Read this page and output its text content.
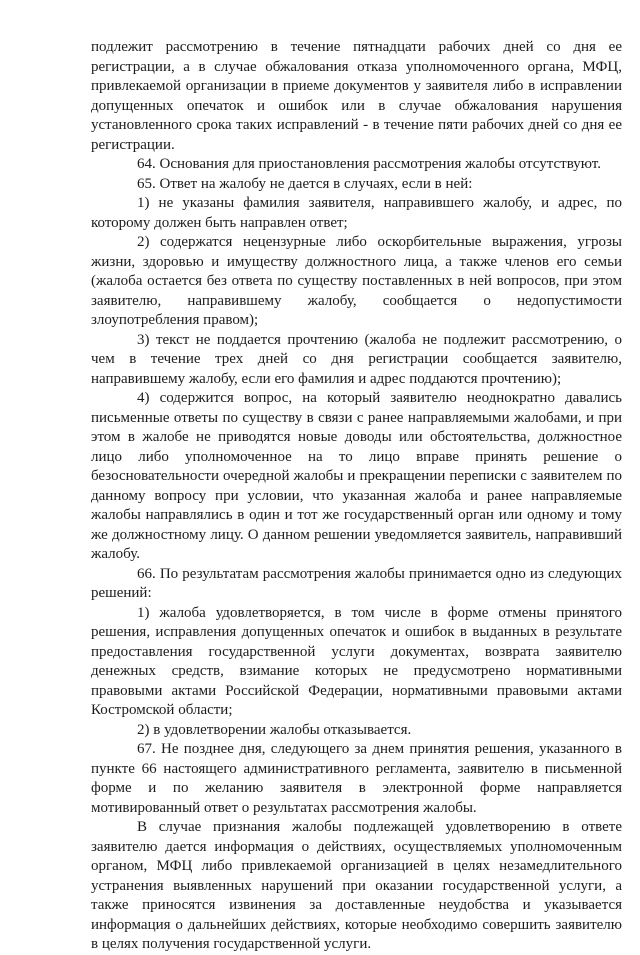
подлежит рассмотрению в течение пятнадцати рабочих дней со дня ее регистрации, а в случае обжалования отказа уполномоченного органа, МФЦ, привлекаемой организации в приеме документов у заявителя либо в исправлении допущенных опечаток и ошибок или в случае обжалования нарушения установленного срока таких исправлений - в течение пяти рабочих дней со дня ее регистрации.

64. Основания для приостановления рассмотрения жалобы отсутствуют.

65. Ответ на жалобу не дается в случаях, если в ней:

1) не указаны фамилия заявителя, направившего жалобу, и адрес, по которому должен быть направлен ответ;

2) содержатся нецензурные либо оскорбительные выражения, угрозы жизни, здоровью и имуществу должностного лица, а также членов его семьи (жалоба остается без ответа по существу поставленных в ней вопросов, при этом заявителю, направившему жалобу, сообщается о недопустимости злоупотребления правом);

3) текст не поддается прочтению (жалоба не подлежит рассмотрению, о чем в течение трех дней со дня регистрации сообщается заявителю, направившему жалобу, если его фамилия и адрес поддаются прочтению);

4) содержится вопрос, на который заявителю неоднократно давались письменные ответы по существу в связи с ранее направляемыми жалобами, и при этом в жалобе не приводятся новые доводы или обстоятельства, должностное лицо либо уполномоченное на то лицо вправе принять решение о безосновательности очередной жалобы и прекращении переписки с заявителем по данному вопросу при условии, что указанная жалоба и ранее направляемые жалобы направлялись в один и тот же государственный орган или одному и тому же должностному лицу. О данном решении уведомляется заявитель, направивший жалобу.

66. По результатам рассмотрения жалобы принимается одно из следующих решений:

1) жалоба удовлетворяется, в том числе в форме отмены принятого решения, исправления допущенных опечаток и ошибок в выданных в результате предоставления государственной услуги документах, возврата заявителю денежных средств, взимание которых не предусмотрено нормативными правовыми актами Российской Федерации, нормативными правовыми актами Костромской области;

2) в удовлетворении жалобы отказывается.

67. Не позднее дня, следующего за днем принятия решения, указанного в пункте 66 настоящего административного регламента, заявителю в письменной форме и по желанию заявителя в электронной форме направляется мотивированный ответ о результатах рассмотрения жалобы.

В случае признания жалобы подлежащей удовлетворению в ответе заявителю дается информация о действиях, осуществляемых уполномоченным органом, МФЦ либо привлекаемой организацией в целях незамедлительного устранения выявленных нарушений при оказании государственной услуги, а также приносятся извинения за доставленные неудобства и указывается информация о дальнейших действиях, которые необходимо совершить заявителю в целях получения государственной услуги.
